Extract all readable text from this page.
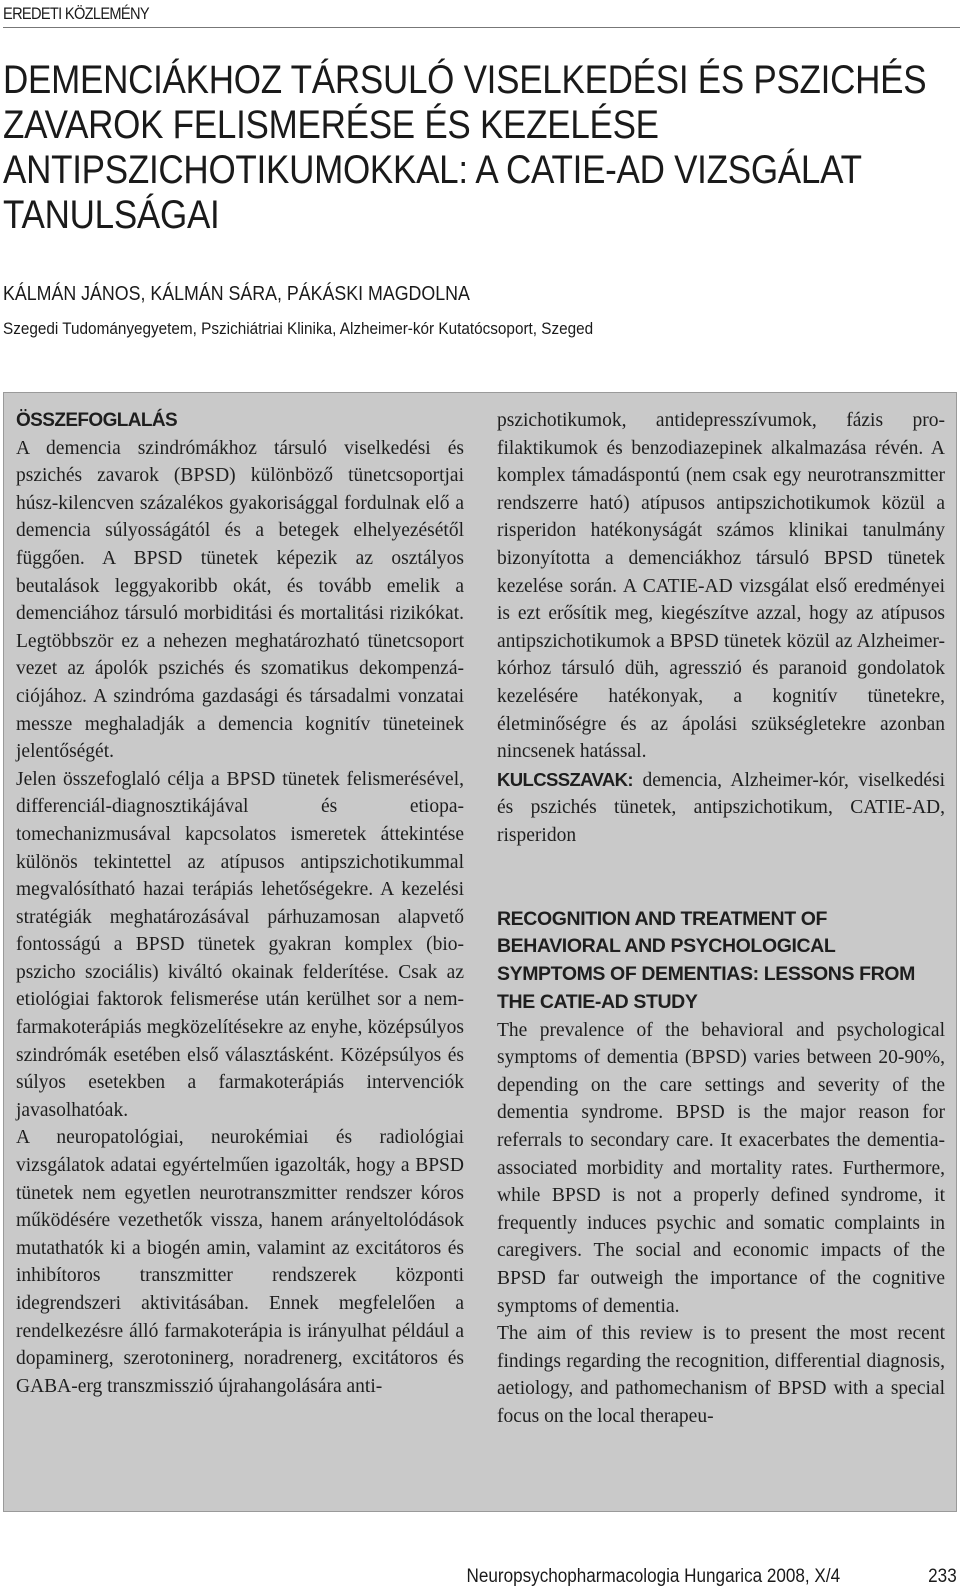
EREDETI KÖZLEMÉNY
DEMENCIÁKHOZ TÁRSULÓ VISELKEDÉSI ÉS PSZICHÉS
ZAVAROK FELISMERÉSE ÉS KEZELÉSE
ANTIPSZICHOTIKUMOKKAL: A CATIE-AD VIZSGÁLAT
TANULSÁGAI
KÁLMÁN JÁNOS, KÁLMÁN SÁRA, PÁKÁSKI MAGDOLNA
Szegedi Tudományegyetem, Pszichiátriai Klinika, Alzheimer-kór Kutatócsoport, Szeged
ÖSSZEFOGLALÁS

A demencia szindrómákhoz társuló viselkedési és pszichés zavarok (BPSD) különböző tünetcsoportjai húsz-kilencven százalékos gyakorisággal fordulnak elő a demencia súlyosságától és a betegek elhelyezésétől függően. A BPSD tünetek képezik az osztályos beutalások leggyakoribb okát, és tovább emelik a demenciához társuló morbiditási és mortalitási rizikókat. Legtöbbször ez a nehezen meghatározható tünetcsoport vezet az ápolók pszichés és szomatikus dekompenzációjához. A szindróma gazdasági és társadalmi vonzatai messze meghaladják a demencia kognitív tüneteinek jelentőségét.

Jelen összefoglaló célja a BPSD tünetek felismerésével, differenciál-diagnosztikájával és etiopatomechanizmusával kapcsolatos ismeretek áttekintése különös tekintettel az atípusos antipszichotikummal megvalósítható hazai terápiás lehetőségekre. A kezelési stratégiák meghatározásával párhuzamosan alapvető fontosságú a BPSD tünetek gyakran komplex (bio-pszicho szociális) kiváltó okainak felderítése. Csak az etiológiai faktorok felismerése után kerülhet sor a nemfarmakoterápiás megközelítésekre az enyhe, középsúlyos szindrómák esetében első választásként. Középsúlyos és súlyos esetekben a farmakoterápiás intervenciók javasolhatóak.

A neuropatológiai, neurokémiai és radiológiai vizsgálatok adatai egyértelműen igazolták, hogy a BPSD tünetek nem egyetlen neurotranszmitter rendszer kóros működésére vezethetők vissza, hanem arányeltolódások mutathatók ki a biogén amin, valamint az excitátoros és inhibítoros transzmitter rendszerek központi idegrendszeri aktivitásában. Ennek megfelelően a rendelkezésre álló farmakoterápia is irányulhat például a dopaminerg, szerotoninerg, noradrenerg, excitátoros és GABA-erg transzmisszió újrahangolására anti-

pszichotikumok, antidepresszívumok, fázis profilaktikumok és benzodiazepinek alkalmazása révén. A komplex támadáspontú (nem csak egy neurotranszmitter rendszerre ható) atípusos antipszichotikumok közül a risperidon hatékonyságát számos klinikai tanulmány bizonyította a demenciákhoz társuló BPSD tünetek kezelése során. A CATIE-AD vizsgálat első eredményei is ezt erősítik meg, kiegészítve azzal, hogy az atípusos antipszichotikumok a BPSD tünetek közül az Alzheimer-kórhoz társuló düh, agresszió és paranoid gondolatok kezelésére hatékonyak, a kognitív tünetekre, életminőségre és az ápolási szükségletekre azonban nincsenek hatással.

KULCSSZAVAK: demencia, Alzheimer-kór, viselkedési és pszichés tünetek, antipszichotikum, CATIE-AD, risperidon

RECOGNITION AND TREATMENT OF BEHAVIORAL AND PSYCHOLOGICAL SYMPTOMS OF DEMENTIAS: LESSONS FROM THE CATIE-AD STUDY

The prevalence of the behavioral and psychological symptoms of dementia (BPSD) varies between 20-90%, depending on the care settings and severity of the dementia syndrome. BPSD is the major reason for referrals to secondary care. It exacerbates the dementia-associated morbidity and mortality rates. Furthermore, while BPSD is not a properly defined syndrome, it frequently induces psychic and somatic complaints in caregivers. The social and economic impacts of the BPSD far outweigh the importance of the cognitive symptoms of dementia.

The aim of this review is to present the most recent findings regarding the recognition, differential diagnosis, aetiology, and pathomechanism of BPSD with a special focus on the local therapeu-

Neuropsychopharmacologia Hungarica 2008, X/4	233
